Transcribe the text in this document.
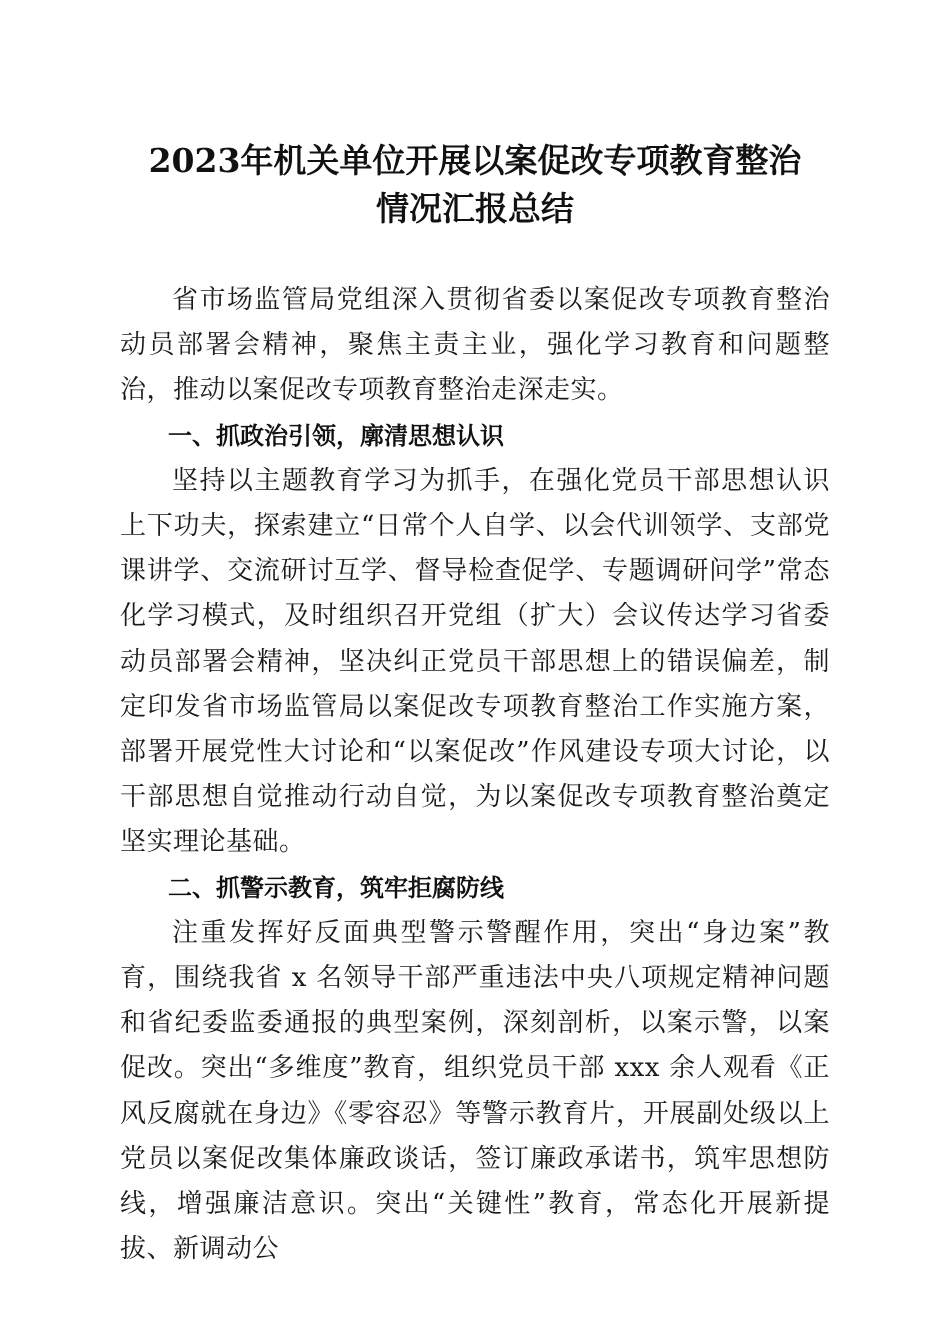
2023年机关单位开展以案促改专项教育整治
情况汇报总结

省市场监管局党组深入贯彻省委以案促改专项教育整治动员部署会精神，聚焦主责主业，强化学习教育和问题整治，推动以案促改专项教育整治走深走实。

一、抓政治引领，廓清思想认识

坚持以主题教育学习为抓手，在强化党员干部思想认识上下功夫，探索建立“日常个人自学、以会代训领学、支部党课讲学、交流研讨互学、督导检查促学、专题调研问学”常态化学习模式，及时组织召开党组（扩大）会议传达学习省委动员部署会精神，坚决纠正党员干部思想上的错误偏差，制定印发省市场监管局以案促改专项教育整治工作实施方案，部署开展党性大讨论和“以案促改”作风建设专项大讨论，以干部思想自觉推动行动自觉，为以案促改专项教育整治奠定坚实理论基础。

二、抓警示教育，筑牢拒腐防线

注重发挥好反面典型警示警醒作用，突出“身边案”教育，围绕我省 x 名领导干部严重违法中央八项规定精神问题和省纪委监委通报的典型案例，深刻剖析，以案示警，以案促改。突出“多维度”教育，组织党员干部 xxx 余人观看《正风反腐就在身边》《零容忍》等警示教育片，开展副处级以上党员以案促改集体廉政谈话，签订廉政承诺书，筑牢思想防线，增强廉洁意识。突出“关键性”教育，常态化开展新提拔、新调动公
